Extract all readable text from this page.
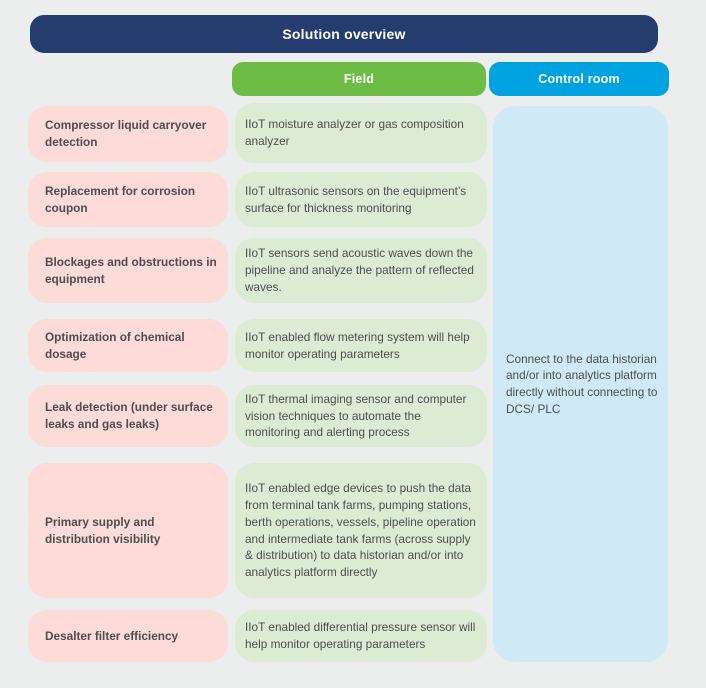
Solution overview
Field	Control room
Compressor liquid carryover detection
IIoT moisture analyzer or gas composition analyzer
Replacement for corrosion coupon
IIoT ultrasonic sensors on the equipment’s surface for thickness monitoring
Blockages and obstructions in equipment
IIoT sensors send acoustic waves down the pipeline and analyze the pattern of reflected waves.
Optimization of chemical dosage
IIoT enabled flow metering system will help monitor operating parameters
Leak detection (under surface leaks and gas leaks)
IIoT thermal imaging sensor and computer vision techniques to automate the monitoring and alerting process
Primary supply and distribution visibility
IIoT enabled edge devices to push the data from terminal tank farms, pumping stations, berth operations, vessels, pipeline operation and intermediate tank farms (across supply & distribution) to data historian and/or into analytics platform directly
Desalter filter efficiency
IIoT enabled differential pressure sensor will help monitor operating parameters
Connect to the data historian and/or into analytics platform directly without connecting to DCS/ PLC
